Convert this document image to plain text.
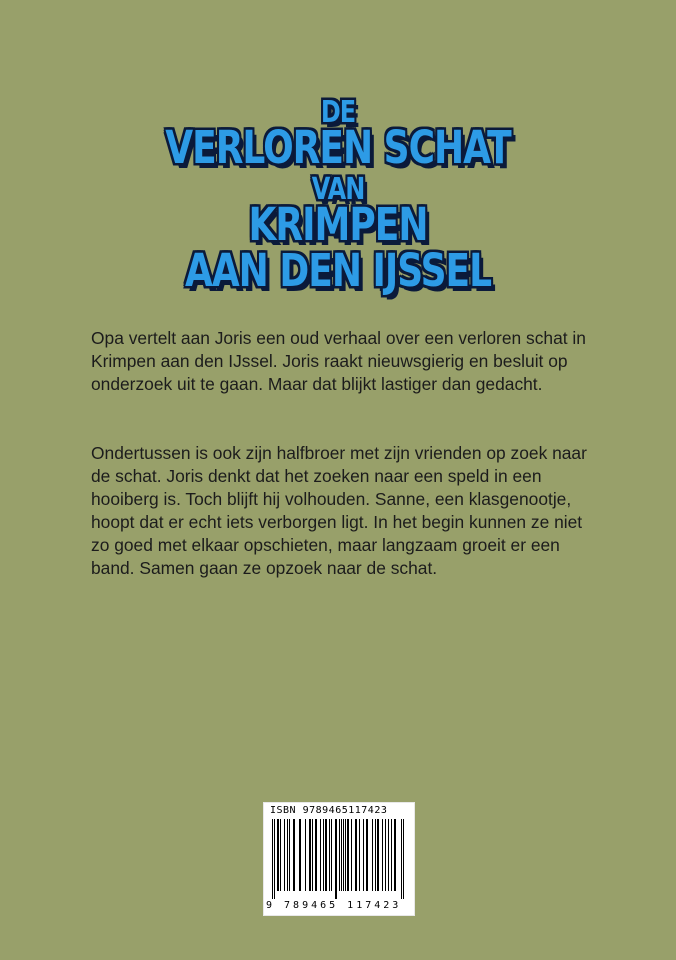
DE
VERLOREN SCHAT
VAN
KRIMPEN
AAN DEN IJSSEL

Opa vertelt aan Joris een oud verhaal over een verloren schat in Krimpen aan den IJssel. Joris raakt nieuwsgierig en besluit op onderzoek uit te gaan. Maar dat blijkt lastiger dan gedacht.

Ondertussen is ook zijn halfbroer met zijn vrienden op zoek naar de schat. Joris denkt dat het zoeken naar een speld in een hooiberg is. Toch blijft hij volhouden. Sanne, een klasgenootje, hoopt dat er echt iets verborgen ligt. In het begin kunnen ze niet zo goed met elkaar opschieten, maar langzaam groeit er een band. Samen gaan ze opzoek naar de schat.

ISBN 9789465117423
9 789465 117423
